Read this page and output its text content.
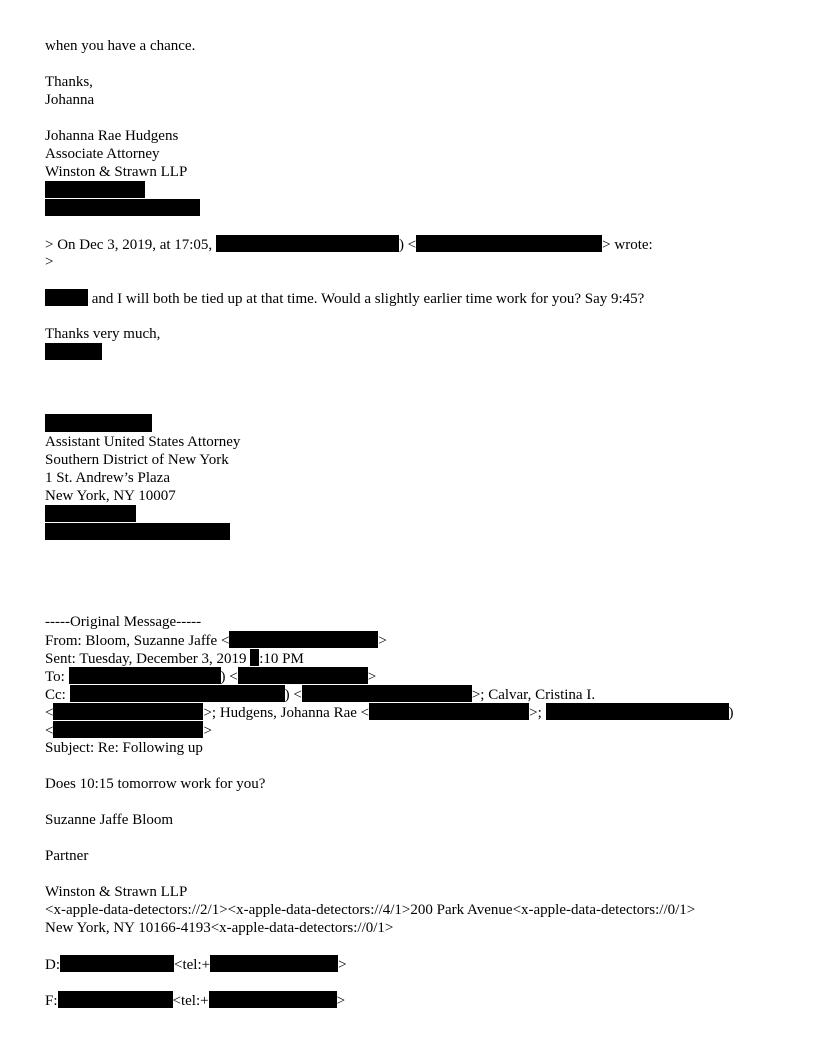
when you have a chance.
Thanks,
Johanna
Johanna Rae Hudgens
Associate Attorney
Winston & Strawn LLP
> On Dec 3, 2019, at 17:05,	) <	> wrote:
>
and I will both be tied up at that time. Would a slightly earlier time work for you? Say 9:45?
Thanks very much,
Assistant United States Attorney
Southern District of New York
1 St. Andrew’s Plaza
New York, NY 10007
-----Original Message-----
From: Bloom, Suzanne Jaffe <	>
Sent: Tuesday, December 3, 2019 :10 PM
To:	) <	>
Cc:	) <	>; Calvar, Cristina I.
<	>; Hudgens, Johanna Rae <	>;	)
<	>
Subject: Re: Following up
Does 10:15 tomorrow work for you?
Suzanne Jaffe Bloom
Partner
Winston & Strawn LLP
<x-apple-data-detectors://2/1><x-apple-data-detectors://4/1>200 Park Avenue<x-apple-data-detectors://0/1>
New York, NY 10166-4193<x-apple-data-detectors://0/1>
D:	<tel:+	>
F:	<tel:+	>
